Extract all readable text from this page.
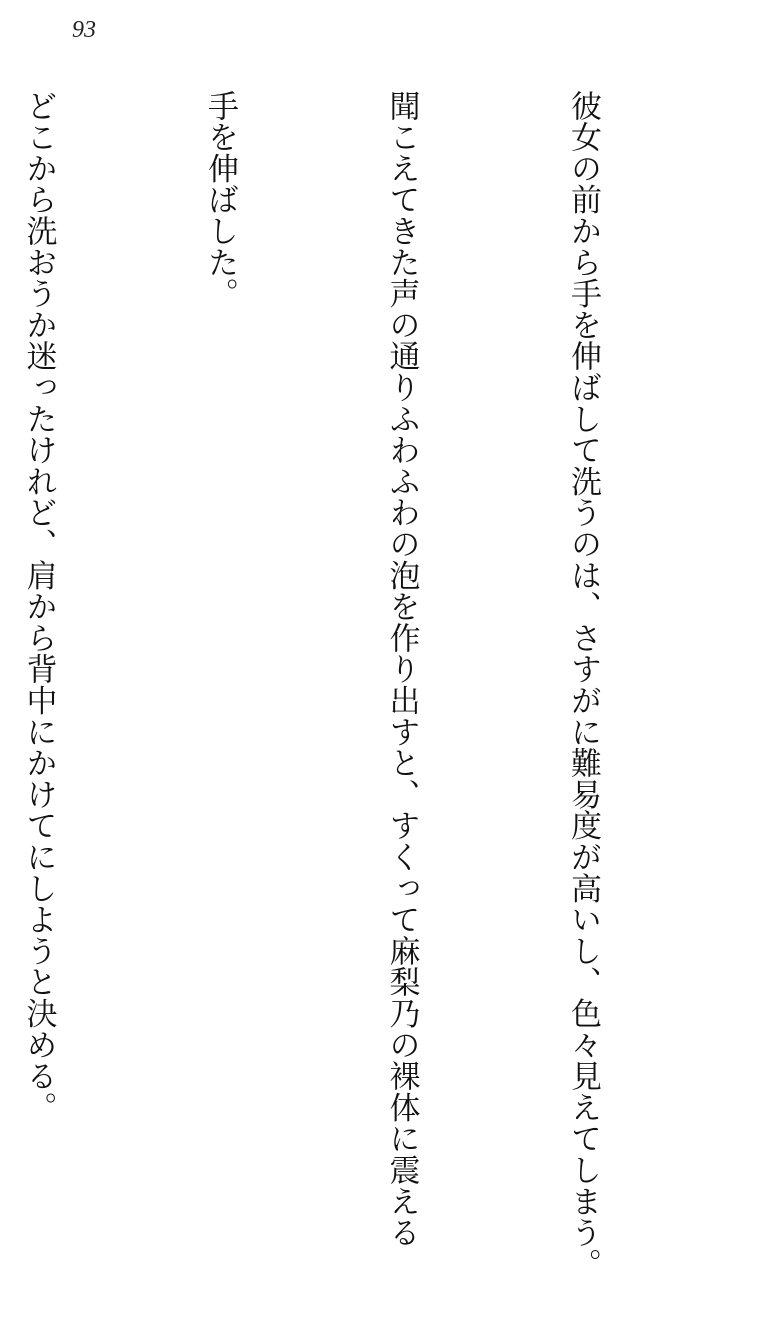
93

彼女の前から手を伸ばして洗うのは、さすがに難易度が高いし、色々見えてしまう。

聞こえてきた声の通りふわふわの泡を作り出すと、すくって麻梨乃の裸体に震える

手を伸ばした。

どこから洗おうか迷ったけれど、肩から背中にかけてにしようと決める。
